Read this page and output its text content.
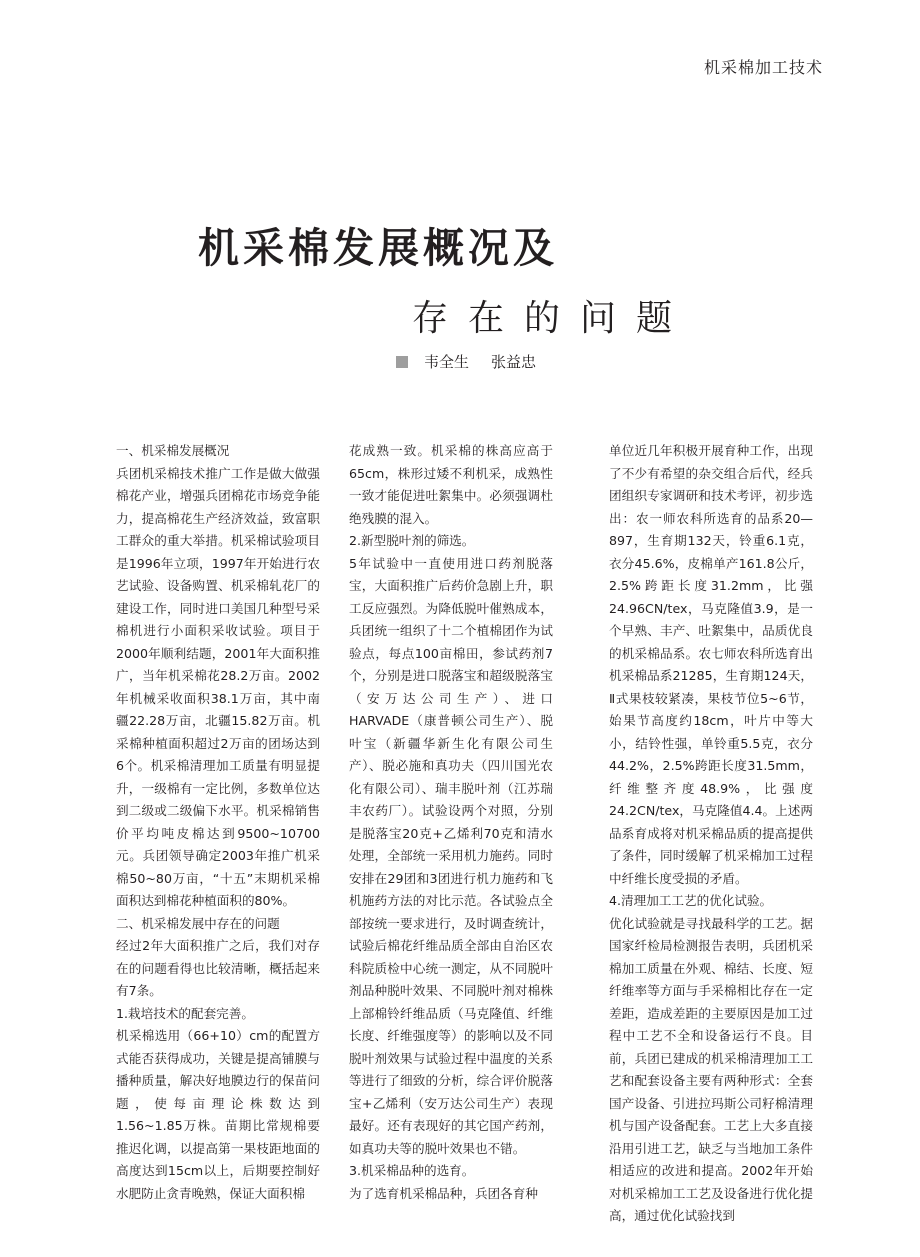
机采棉加工技术
机采棉发展概况及
存在的问题
韦全生 张益忠
一、机采棉发展概况
兵团机采棉技术推广工作是做大做强棉花产业，增强兵团棉花市场竞争能力，提高棉花生产经济效益，致富职工群众的重大举措。机采棉试验项目是1996年立项，1997年开始进行农艺试验、设备购置、机采棉轧花厂的建设工作，同时进口美国几种型号采棉机进行小面积采收试验。项目于2000年顺利结题，2001年大面积推广，当年机采棉花28.2万亩。2002年机械采收面积38.1万亩，其中南疆22.28万亩，北疆15.82万亩。机采棉种植面积超过2万亩的团场达到6个。机采棉清理加工质量有明显提升，一级棉有一定比例，多数单位达到二级或二级偏下水平。机采棉销售价平均吨皮棉达到9500~10700元。兵团领导确定2003年推广机采棉50~80万亩，“十五”末期机采棉面积达到棉花种植面积的80%。
二、机采棉发展中存在的问题
经过2年大面积推广之后，我们对存在的问题看得也比较清晰，概括起来有7条。
1.栽培技术的配套完善。
机采棉选用（66+10）cm的配置方式能否获得成功，关键是提高铺膜与播种质量，解决好地膜边行的保苗问题，使每亩理论株数达到1.56~1.85万株。苗期比常规棉要推迟化调，以提高第一果枝距地面的高度达到15cm以上，后期要控制好水肥防止贪青晚熟，保证大面积棉
花成熟一致。机采棉的株高应高于65cm，株形过矮不利机采，成熟性一致才能促进吐絮集中。必须强调杜绝残膜的混入。
2.新型脱叶剂的筛选。
5年试验中一直使用进口药剂脱落宝，大面积推广后药价急剧上升，职工反应强烈。为降低脱叶催熟成本，兵团统一组织了十二个植棉团作为试验点，每点100亩棉田，参试药剂7个，分别是进口脱落宝和超级脱落宝（安万达公司生产）、进口HARVADE（康普顿公司生产）、脱叶宝（新疆华新生化有限公司生产）、脱必施和真功夫（四川国光农化有限公司）、瑞丰脱叶剂（江苏瑞丰农药厂）。试验设两个对照，分别是脱落宝20克+乙烯利70克和清水处理，全部统一采用机力施药。同时安排在29团和3团进行机力施药和飞机施药方法的对比示范。各试验点全部按统一要求进行，及时调查统计，试验后棉花纤维品质全部由自治区农科院质检中心统一测定，从不同脱叶剂品种脱叶效果、不同脱叶剂对棉株上部棉铃纤维品质（马克隆值、纤维长度、纤维强度等）的影响以及不同脱叶剂效果与试验过程中温度的关系等进行了细致的分析，综合评价脱落宝+乙烯利（安万达公司生产）表现最好。还有表现好的其它国产药剂，如真功夫等的脱叶效果也不错。
3.机采棉品种的选育。
为了选育机采棉品种，兵团各育种
单位近几年积极开展育种工作，出现了不少有希望的杂交组合后代，经兵团组织专家调研和技术考评，初步选出：农一师农科所选育的品系20—897，生育期132天，铃重6.1克，衣分45.6%，皮棉单产161.8公斤，2.5%跨距长度31.2mm，比强24.96CN/tex，马克隆值3.9，是一个早熟、丰产、吐絮集中，品质优良的机采棉品系。农七师农科所选育出机采棉品系21285，生育期124天，Ⅱ式果枝较紧凑，果枝节位5~6节，始果节高度约18cm，叶片中等大小，结铃性强，单铃重5.5克，衣分44.2%，2.5%跨距长度31.5mm，纤维整齐度48.9%，比强度24.2CN/tex，马克隆值4.4。上述两品系育成将对机采棉品质的提高提供了条件，同时缓解了机采棉加工过程中纤维长度受损的矛盾。
4.清理加工工艺的优化试验。
优化试验就是寻找最科学的工艺。据国家纤检局检测报告表明，兵团机采棉加工质量在外观、棉结、长度、短纤维率等方面与手采棉相比存在一定差距，造成差距的主要原因是加工过程中工艺不全和设备运行不良。目前，兵团已建成的机采棉清理加工工艺和配套设备主要有两种形式：全套国产设备、引进拉玛斯公司籽棉清理机与国产设备配套。工艺上大多直接沿用引进工艺，缺乏与当地加工条件相适应的改进和提高。2002年开始对机采棉加工工艺及设备进行优化提高，通过优化试验找到
